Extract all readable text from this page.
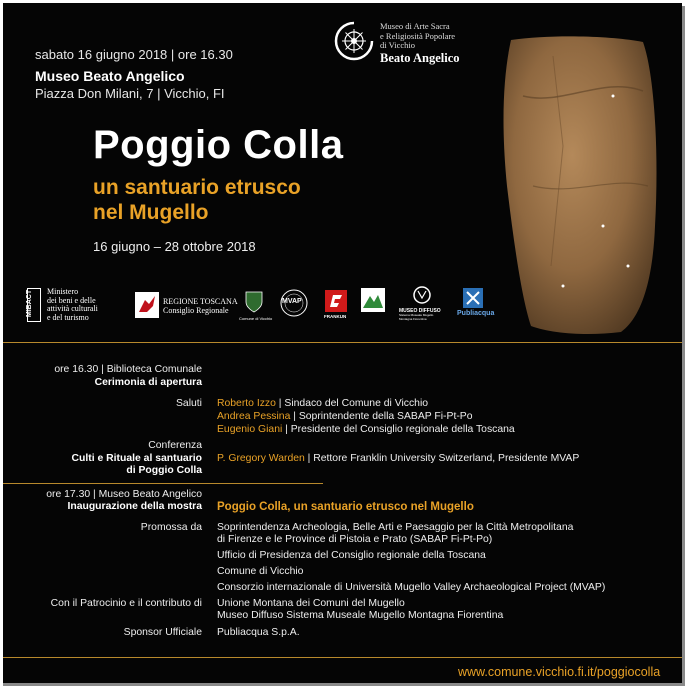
sabato 16 giugno 2018 | ore 16.30
Museo Beato Angelico
Piazza Don Milani, 7 | Vicchio, FI
Museo di Arte Sacra
e Religiosità Popolare
di Vicchio
Beato Angelico
Poggio Colla
un santuario etrusco
nel Mugello
16 giugno – 28 ottobre 2018
MIBACT Ministero
dei beni e delle
attività culturali
e del turismo
REGIONE TOSCANA
Consiglio Regionale
Comune di Vicchio
MVAP
FRANKUN
MUSEO DIFFUSO
Sistema Museale Mugello Montagna Fiorentina
Publiacqua
ore 16.30 | Biblioteca Comunale
Cerimonia di apertura
Saluti Roberto Izzo | Sindaco del Comune di Vicchio
Andrea Pessina | Soprintendente della SABAP Fi-Pt-Po
Eugenio Giani | Presidente del Consiglio regionale della Toscana
Conferenza
Culti e Rituale al santuario
di Poggio Colla
P. Gregory Warden | Rettore Franklin University Switzerland, Presidente MVAP
ore 17.30 | Museo Beato Angelico
Inaugurazione della mostra Poggio Colla, un santuario etrusco nel Mugello
Promossa da Soprintendenza Archeologia, Belle Arti e Paesaggio per la Città Metropolitana
di Firenze e le Province di Pistoia e Prato (SABAP Fi-Pt-Po)
Ufficio di Presidenza del Consiglio regionale della Toscana
Comune di Vicchio
Consorzio internazionale di Università Mugello Valley Archaeological Project (MVAP)
Con il Patrocinio e il contributo di Unione Montana dei Comuni del Mugello
Museo Diffuso Sistema Museale Mugello Montagna Fiorentina
Sponsor Ufficiale Publiacqua S.p.A.
www.comune.vicchio.fi.it/poggiocolla
